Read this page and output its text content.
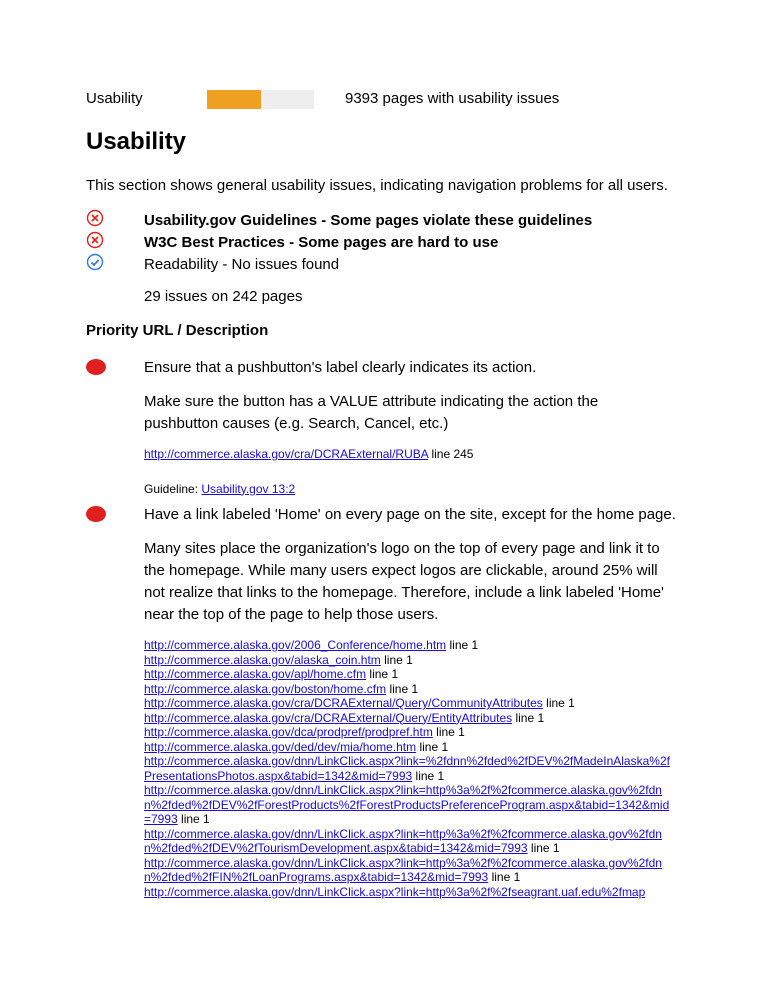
Usability	9393 pages with usability issues
Usability
This section shows general usability issues, indicating navigation problems for all users.
Usability.gov Guidelines - Some pages violate these guidelines
W3C Best Practices - Some pages are hard to use
Readability - No issues found
29 issues on 242 pages
Priority URL / Description

Ensure that a pushbutton's label clearly indicates its action.

Make sure the button has a VALUE attribute indicating the action the pushbutton causes (e.g. Search, Cancel, etc.)

http://commerce.alaska.gov/cra/DCRAExternal/RUBA line 245
Guideline: Usability.gov 13:2

Have a link labeled 'Home' on every page on the site, except for the home page.

Many sites place the organization's logo on the top of every page and link it to the homepage. While many users expect logos are clickable, around 25% will not realize that links to the homepage. Therefore, include a link labeled 'Home' near the top of the page to help those users.

http://commerce.alaska.gov/2006_Conference/home.htm line 1
http://commerce.alaska.gov/alaska_coin.htm line 1
http://commerce.alaska.gov/apl/home.cfm line 1
http://commerce.alaska.gov/boston/home.cfm line 1
http://commerce.alaska.gov/cra/DCRAExternal/Query/CommunityAttributes line 1
http://commerce.alaska.gov/cra/DCRAExternal/Query/EntityAttributes line 1
http://commerce.alaska.gov/dca/prodpref/prodpref.htm line 1
http://commerce.alaska.gov/ded/dev/mia/home.htm line 1
http://commerce.alaska.gov/dnn/LinkClick.aspx?link=%2fdnn%2fded%2fDEV%2fMadeInAlaska%2fPresentationsPhotos.aspx&tabid=1342&mid=7993 line 1
http://commerce.alaska.gov/dnn/LinkClick.aspx?link=http%3a%2f%2fcommerce.alaska.gov%2fdnn%2fded%2fDEV%2fForestProducts%2fForestProductsPreferenceProgram.aspx&tabid=1342&mid=7993 line 1
http://commerce.alaska.gov/dnn/LinkClick.aspx?link=http%3a%2f%2fcommerce.alaska.gov%2fdnn%2fded%2fDEV%2fTourismDevelopment.aspx&tabid=1342&mid=7993 line 1
http://commerce.alaska.gov/dnn/LinkClick.aspx?link=http%3a%2f%2fcommerce.alaska.gov%2fdnn%2fded%2fFIN%2fLoanPrograms.aspx&tabid=1342&mid=7993 line 1
http://commerce.alaska.gov/dnn/LinkClick.aspx?link=http%3a%2f%2fseagrant.uaf.edu%2fmap
